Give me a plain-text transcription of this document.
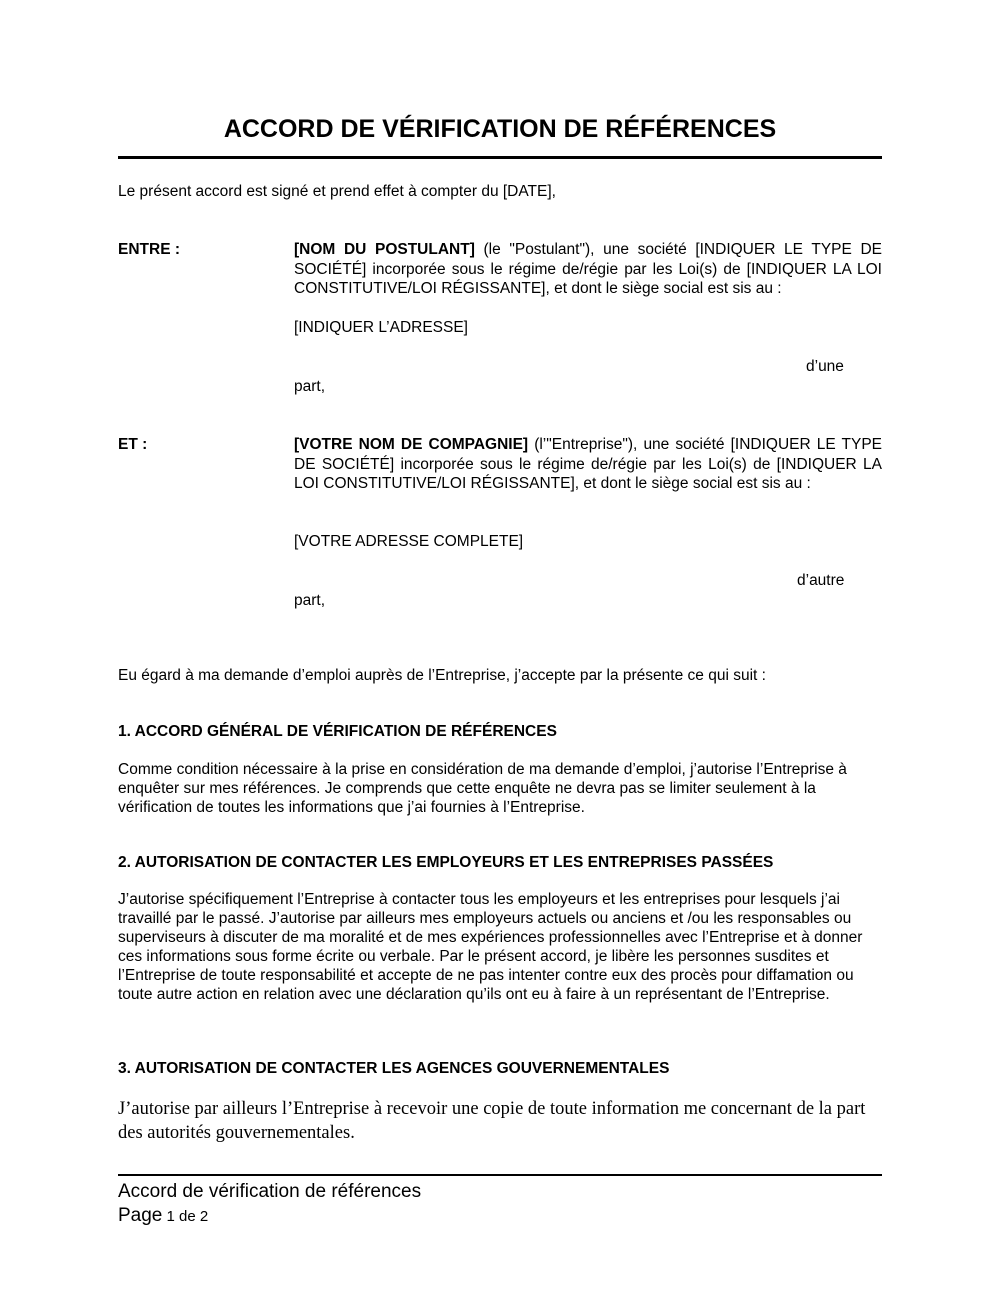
ACCORD DE VÉRIFICATION DE RÉFÉRENCES

Le présent accord est signé et prend effet à compter du [DATE],

ENTRE :	[NOM DU POSTULANT] (le "Postulant"), une société [INDIQUER LE TYPE DE SOCIÉTÉ] incorporée sous le régime de/régie par les Loi(s) de [INDIQUER LA LOI CONSTITUTIVE/LOI RÉGISSANTE], et dont le siège social est sis au :

[INDIQUER L’ADRESSE]

d’une

part,

ET :	[VOTRE NOM DE COMPAGNIE] (l’"Entreprise"), une société [INDIQUER LE TYPE DE SOCIÉTÉ] incorporée sous le régime de/régie par les Loi(s) de [INDIQUER LA LOI CONSTITUTIVE/LOI RÉGISSANTE], et dont le siège social est sis au :

[VOTRE ADRESSE COMPLETE]

d’autre

part,

Eu égard à ma demande d’emploi auprès de l’Entreprise, j’accepte par la présente ce qui suit :

1. ACCORD GÉNÉRAL DE VÉRIFICATION DE RÉFÉRENCES

Comme condition nécessaire à la prise en considération de ma demande d’emploi, j’autorise l’Entreprise à enquêter sur mes références. Je comprends que cette enquête ne devra pas se limiter seulement à la vérification de toutes les informations que j’ai fournies à l’Entreprise.

2. AUTORISATION DE CONTACTER LES EMPLOYEURS ET LES ENTREPRISES PASSÉES

J’autorise spécifiquement l’Entreprise à contacter tous les employeurs et les entreprises pour lesquels j’ai travaillé par le passé. J’autorise par ailleurs mes employeurs actuels ou anciens et /ou les responsables ou superviseurs à discuter de ma moralité et de mes expériences professionnelles avec l’Entreprise et à donner ces informations sous forme écrite ou verbale. Par le présent accord, je libère les personnes susdites et l’Entreprise de toute responsabilité et accepte de ne pas intenter contre eux des procès pour diffamation ou toute autre action en relation avec une déclaration qu’ils ont eu à faire à un représentant de l’Entreprise.

3. AUTORISATION DE CONTACTER LES AGENCES GOUVERNEMENTALES

J’autorise par ailleurs l’Entreprise à recevoir une copie de toute information me concernant de la part des autorités gouvernementales.

Accord de vérification de références

Page 1 de 2
